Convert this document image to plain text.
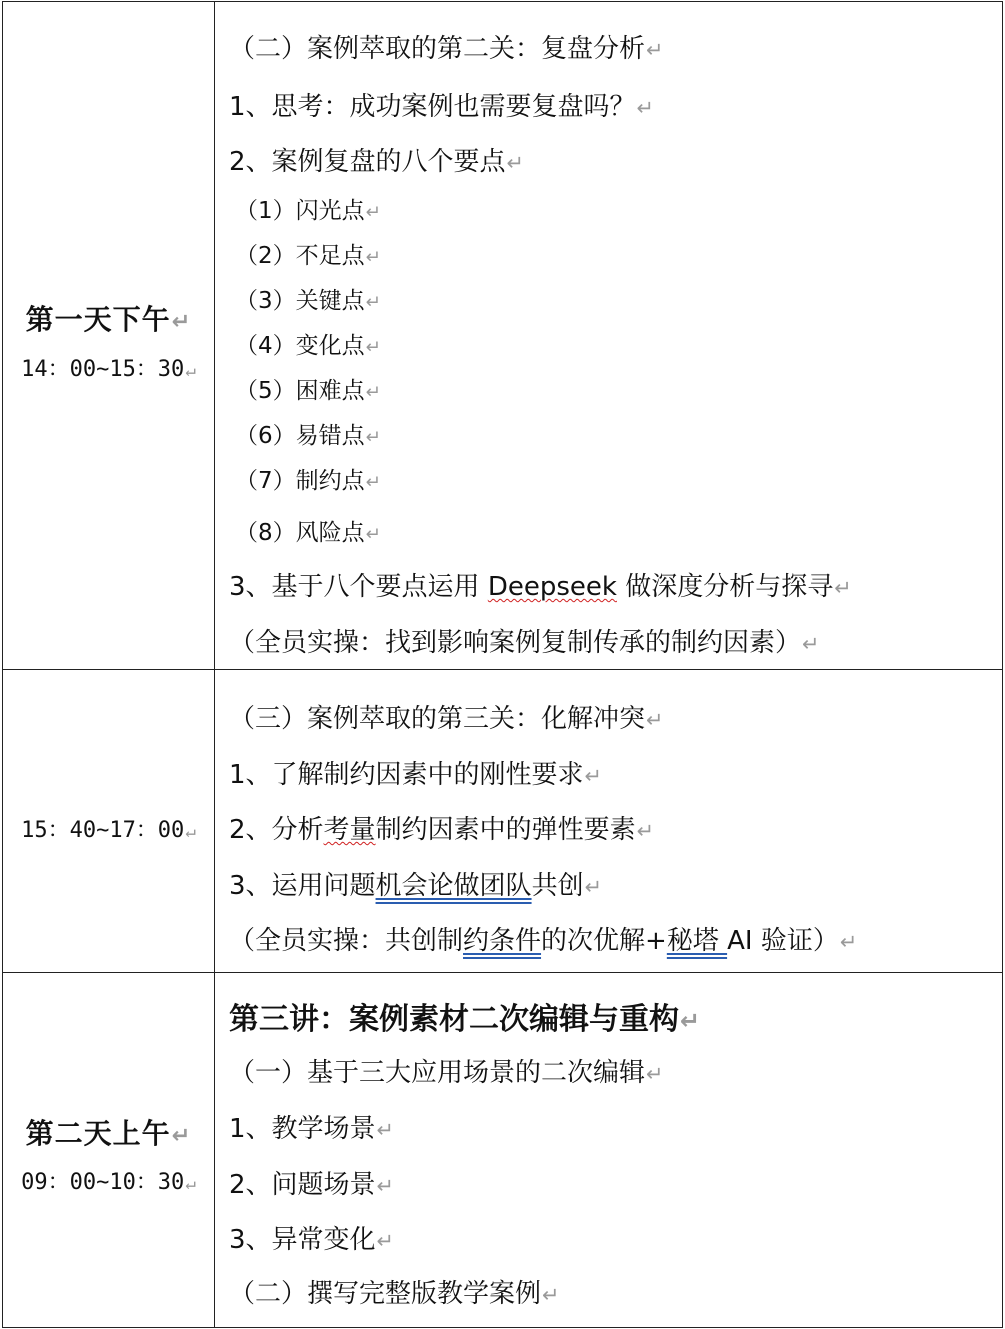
第一天下午↵
14：00~15：30↵
（二）案例萃取的第二关：复盘分析↵
1、思考：成功案例也需要复盘吗？↵
2、案例复盘的八个要点↵
（1）闪光点↵
（2）不足点↵
（3）关键点↵
（4）变化点↵
（5）困难点↵
（6）易错点↵
（7）制约点↵
（8）风险点↵
3、基于八个要点运用 Deepseek 做深度分析与探寻↵
（全员实操：找到影响案例复制传承的制约因素）↵
15：40~17：00↵
（三）案例萃取的第三关：化解冲突↵
1、了解制约因素中的刚性要求↵
2、分析考量制约因素中的弹性要素↵
3、运用问题机会论做团队共创↵
（全员实操：共创制约条件的次优解+秘塔 AI 验证）↵
第二天上午↵
09：00~10：30↵
第三讲：案例素材二次编辑与重构↵
（一）基于三大应用场景的二次编辑↵
1、教学场景↵
2、问题场景↵
3、异常变化↵
（二）撰写完整版教学案例↵
